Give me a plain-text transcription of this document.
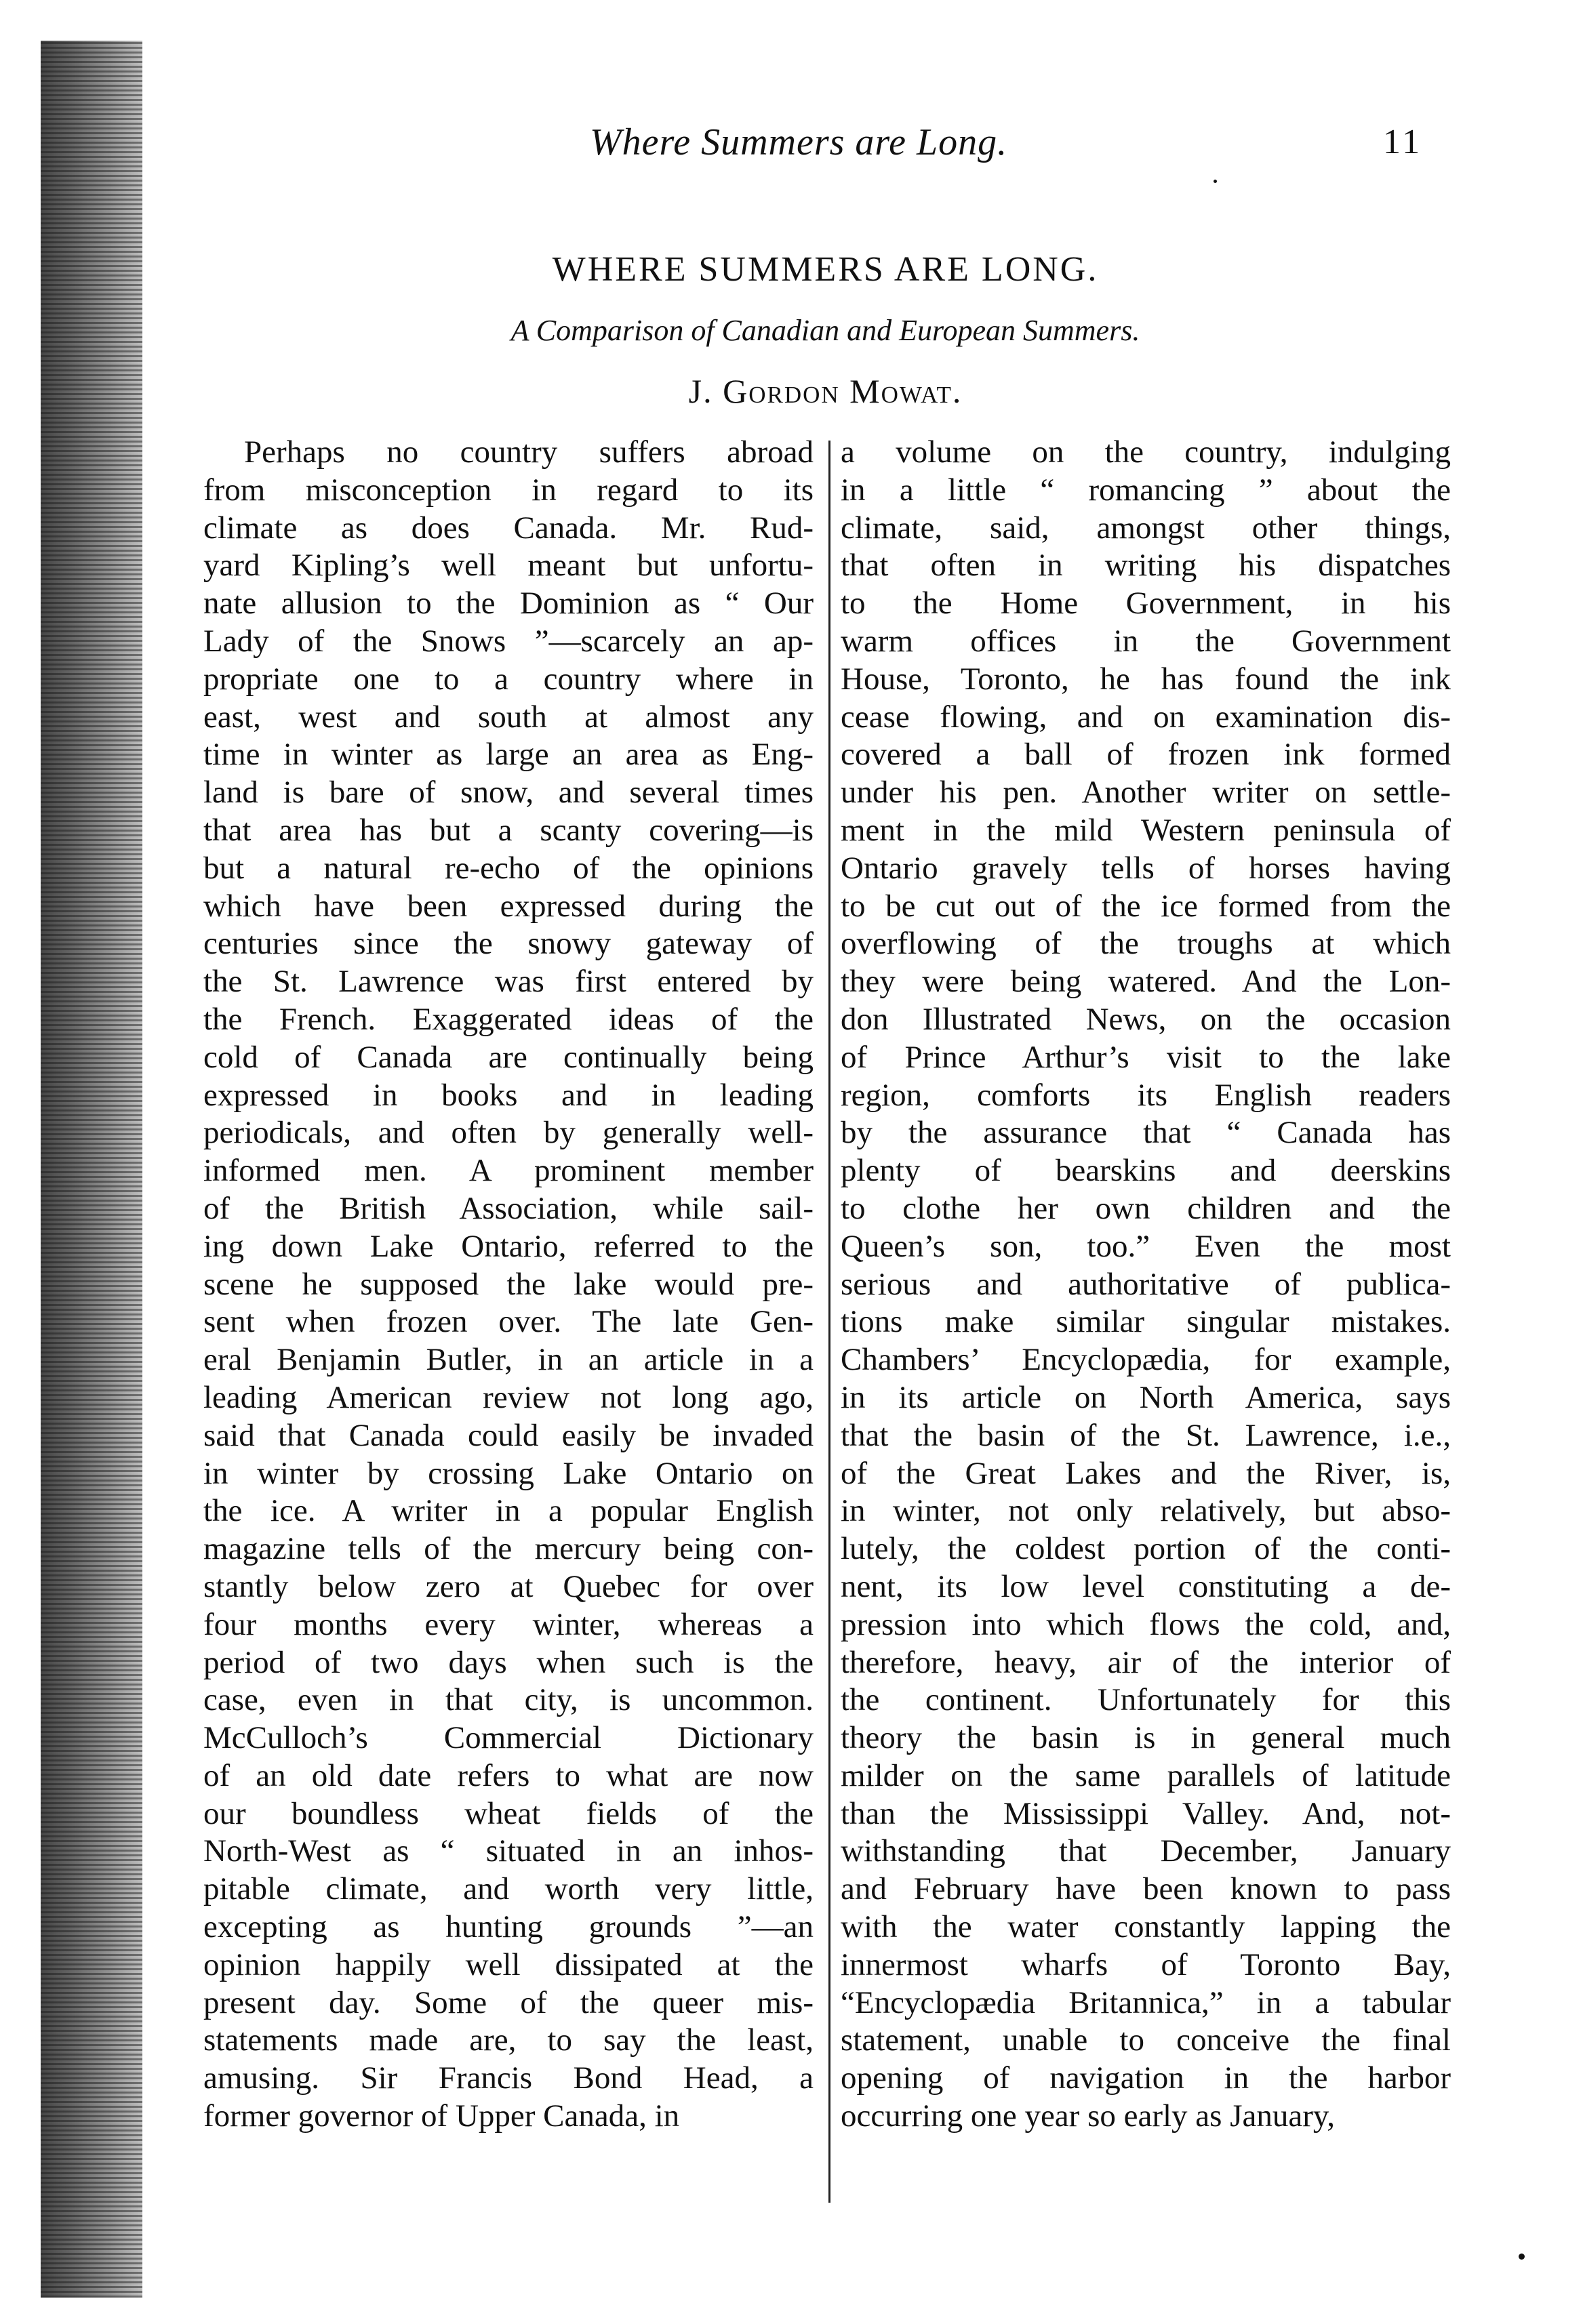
Where Summers are Long.	11
WHERE SUMMERS ARE LONG.
A Comparison of Canadian and European Summers.
J. Gordon Mowat.
Perhaps no country suffers abroad
from misconception in regard to its
climate as does Canada. Mr. Rud-
yard Kipling’s well meant but unfortu-
nate allusion to the Dominion as “ Our
Lady of the Snows ”—scarcely an ap-
propriate one to a country where in
east, west and south at almost any
time in winter as large an area as Eng-
land is bare of snow, and several times
that area has but a scanty covering—is
but a natural re-echo of the opinions
which have been expressed during the
centuries since the snowy gateway of
the St. Lawrence was first entered by
the French. Exaggerated ideas of the
cold of Canada are continually being
expressed in books and in leading
periodicals, and often by generally well-
informed men. A prominent member
of the British Association, while sail-
ing down Lake Ontario, referred to the
scene he supposed the lake would pre-
sent when frozen over. The late Gen-
eral Benjamin Butler, in an article in a
leading American review not long ago,
said that Canada could easily be invaded
in winter by crossing Lake Ontario on
the ice. A writer in a popular English
magazine tells of the mercury being con-
stantly below zero at Quebec for over
four months every winter, whereas a
period of two days when such is the
case, even in that city, is uncommon.
McCulloch’s Commercial Dictionary
of an old date refers to what are now
our boundless wheat fields of the
North-West as “ situated in an inhos-
pitable climate, and worth very little,
excepting as hunting grounds ”—an
opinion happily well dissipated at the
present day. Some of the queer mis-
statements made are, to say the least,
amusing. Sir Francis Bond Head, a
former governor of Upper Canada, in
a volume on the country, indulging
in a little “ romancing ” about the
climate, said, amongst other things,
that often in writing his dispatches
to the Home Government, in his
warm offices in the Government
House, Toronto, he has found the ink
cease flowing, and on examination dis-
covered a ball of frozen ink formed
under his pen. Another writer on settle-
ment in the mild Western peninsula of
Ontario gravely tells of horses having
to be cut out of the ice formed from the
overflowing of the troughs at which
they were being watered. And the Lon-
don Illustrated News, on the occasion
of Prince Arthur’s visit to the lake
region, comforts its English readers
by the assurance that “ Canada has
plenty of bearskins and deerskins
to clothe her own children and the
Queen’s son, too.” Even the most
serious and authoritative of publica-
tions make similar singular mistakes.
Chambers’ Encyclopædia, for example,
in its article on North America, says
that the basin of the St. Lawrence, i.e.,
of the Great Lakes and the River, is,
in winter, not only relatively, but abso-
lutely, the coldest portion of the conti-
nent, its low level constituting a de-
pression into which flows the cold, and,
therefore, heavy, air of the interior of
the continent. Unfortunately for this
theory the basin is in general much
milder on the same parallels of latitude
than the Mississippi Valley. And, not-
withstanding that December, January
and February have been known to pass
with the water constantly lapping the
innermost wharfs of Toronto Bay,
“Encyclopædia Britannica,” in a tabular
statement, unable to conceive the final
opening of navigation in the harbor
occurring one year so early as January,
